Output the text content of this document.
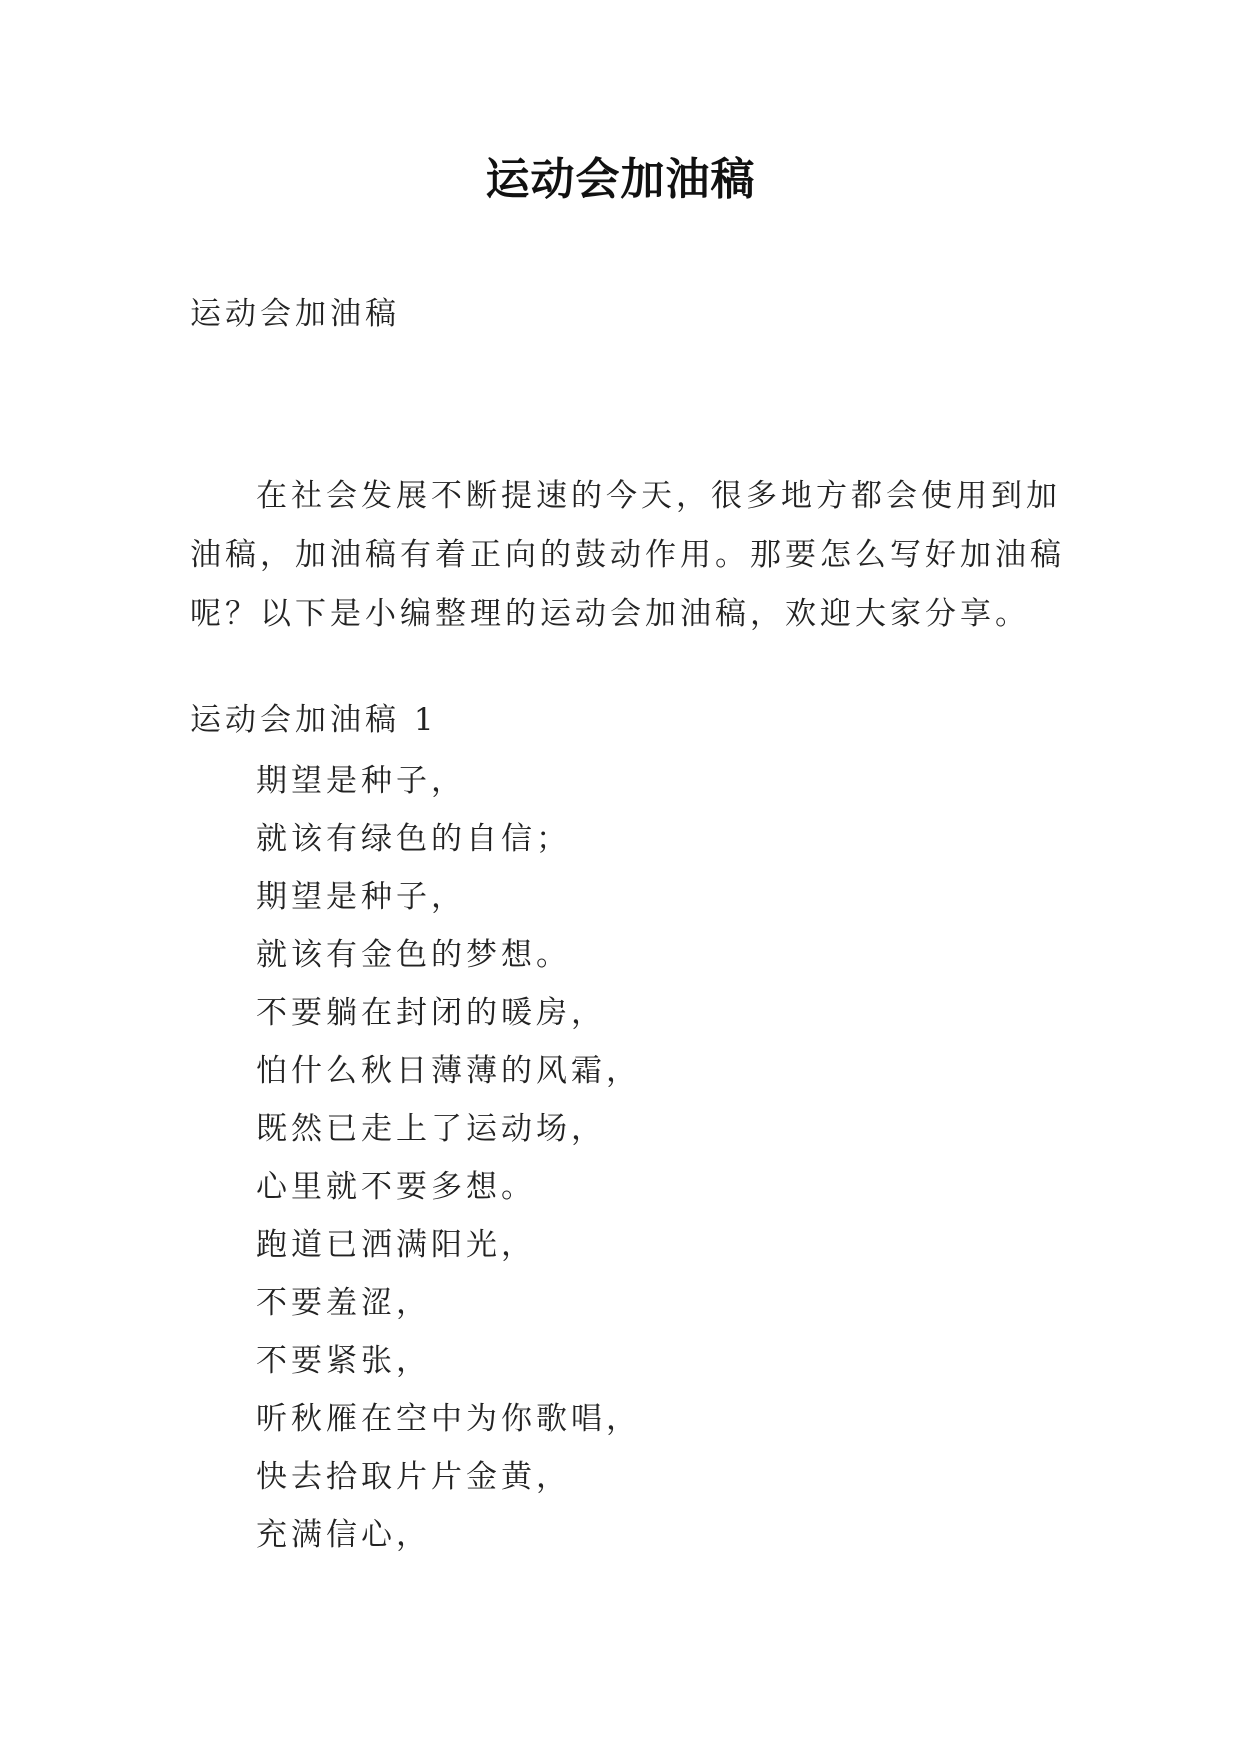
运动会加油稿
运动会加油稿
在社会发展不断提速的今天，很多地方都会使用到加油稿，加油稿有着正向的鼓动作用。那要怎么写好加油稿呢？以下是小编整理的运动会加油稿，欢迎大家分享。
运动会加油稿 1
期望是种子，
就该有绿色的自信；
期望是种子，
就该有金色的梦想。
不要躺在封闭的暖房，
怕什么秋日薄薄的风霜，
既然已走上了运动场，
心里就不要多想。
跑道已洒满阳光，
不要羞涩，
不要紧张，
听秋雁在空中为你歌唱，
快去拾取片片金黄，
充满信心，
